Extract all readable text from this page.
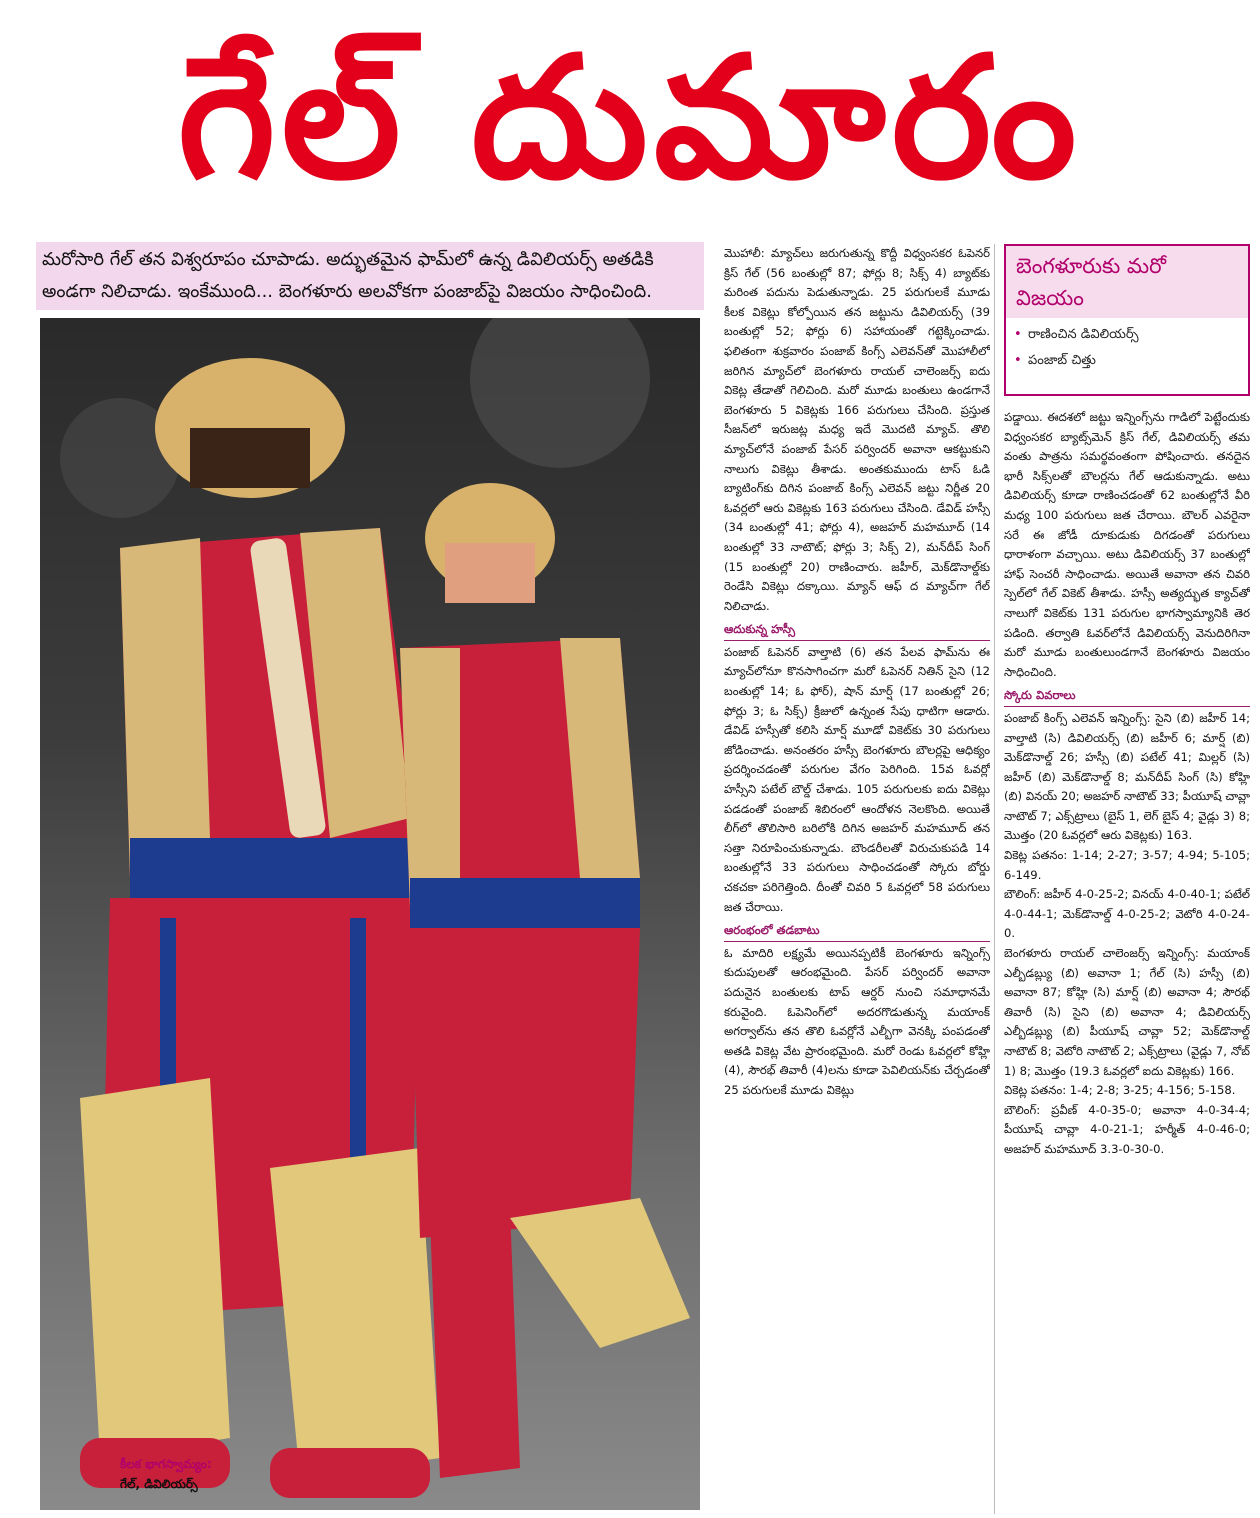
గేల్ దుమారం
మరోసారి గేల్ తన విశ్వరూపం చూపాడు. అద్భుతమైన ఫామ్‌లో ఉన్న డివిలియర్స్ అతడికి అండగా నిలిచాడు. ఇంకేముంది... బెంగళూరు అలవోకగా పంజాబ్‌పై విజయం సాధించింది.
కీలక భాగస్వామ్యం:
గేల్, డివిలియర్స్

మొహాలీ: మ్యాచ్‌లు జరుగుతున్న కొద్దీ విధ్వంసకర ఓపెనర్ క్రిస్ గేల్ (56 బంతుల్లో 87; ఫోర్లు 8; సిక్స్ 4) బ్యాట్‌కు మరింత పదును పెడుతున్నాడు. 25 పరుగులకే మూడు కీలక వికెట్లు కోల్పోయిన తన జట్టును డివిలియర్స్ (39 బంతుల్లో 52; ఫోర్లు 6) సహాయంతో గట్టెక్కించాడు. ఫలితంగా శుక్రవారం పంజాబ్ కింగ్స్ ఎలెవన్‌తో మొహాలీలో జరిగిన మ్యాచ్‌లో బెంగళూరు రాయల్ చాలెంజర్స్ ఐదు వికెట్ల తేడాతో గెలిచింది. మరో మూడు బంతులు ఉండగానే బెంగళూరు 5 వికెట్లకు 166 పరుగులు చేసింది. ప్రస్తుత సీజన్‌లో ఇరుజట్ల మధ్య ఇదే మొదటి మ్యాచ్. తొలి మ్యాచ్‌లోనే పంజాబ్ పేసర్ పర్విందర్ అవానా ఆకట్టుకుని నాలుగు వికెట్లు తీశాడు. అంతకుముందు టాస్ ఓడి బ్యాటింగ్‌కు దిగిన పంజాబ్ కింగ్స్ ఎలెవన్ జట్టు నిర్ణీత 20 ఓవర్లలో ఆరు వికెట్లకు 163 పరుగులు చేసింది. డేవిడ్ హస్సీ (34 బంతుల్లో 41; ఫోర్లు 4), అజహర్ మహమూద్ (14 బంతుల్లో 33 నాటౌట్; ఫోర్లు 3; సిక్స్ 2), మన్‌దీప్ సింగ్ (15 బంతుల్లో 20) రాణించారు. జహీర్, మెక్‌డొనాల్డ్‌కు రెండేసి వికెట్లు దక్కాయి. మ్యాన్ ఆఫ్ ద మ్యాచ్‌గా గేల్ నిలిచాడు.

ఆదుకున్న హస్సీ

పంజాబ్ ఓపెనర్ వాల్తాటి (6) తన పేలవ ఫామ్‌ను ఈ మ్యాచ్‌లోనూ కొనసాగించగా మరో ఓపెనర్ నితిన్ సైని (12 బంతుల్లో 14; ఓ ఫోర్), షాన్ మార్ష్ (17 బంతుల్లో 26; ఫోర్లు 3; ఓ సిక్స్) క్రీజులో ఉన్నంత సేపు ధాటిగా ఆడారు. డేవిడ్ హస్సీతో కలిసి మార్ష్ మూడో వికెట్‌కు 30 పరుగులు జోడించాడు. అనంతరం హస్సీ బెంగళూరు బౌలర్లపై ఆధిక్యం ప్రదర్శించడంతో పరుగుల వేగం పెరిగింది. 15వ ఓవర్లో హస్సీని పటేల్ బౌల్డ్ చేశాడు. 105 పరుగులకు ఐదు వికెట్లు పడడంతో పంజాబ్ శిబిరంలో ఆందోళన నెలకొంది. అయితే లీగ్‌లో తొలిసారి బరిలోకి దిగిన అజహర్ మహమూద్ తన సత్తా నిరూపించుకున్నాడు. బౌండరీలతో విరుచుకుపడి 14 బంతుల్లోనే 33 పరుగులు సాధించడంతో స్కోరు బోర్డు చకచకా పరిగెత్తింది. దీంతో చివరి 5 ఓవర్లలో 58 పరుగులు జత చేరాయి.

ఆరంభంలో తడబాటు

ఓ మాదిరి లక్ష్యమే అయినప్పటికీ బెంగళూరు ఇన్నింగ్స్ కుదుపులతో ఆరంభమైంది. పేసర్ పర్విందర్ అవానా పదునైన బంతులకు టాప్ ఆర్డర్ నుంచి సమాధానమే కరువైంది. ఓపెనింగ్‌లో అదరగొడుతున్న మయాంక్ అగర్వాల్‌ను తన తొలి ఓవర్లోనే ఎల్బీగా వెనక్కి పంపడంతో అతడి వికెట్ల వేట ప్రారంభమైంది. మరో రెండు ఓవర్లలో కోహ్లి (4), సౌరభ్ తివారీ (4)లను కూడా పెవిలియన్‌కు చేర్చడంతో 25 పరుగులకే మూడు వికెట్లు

బెంగళూరుకు మరో విజయం
• రాణించిన డివిలియర్స్
• పంజాబ్ చిత్తు

పడ్డాయి. ఈదశలో జట్టు ఇన్నింగ్స్‌ను గాడిలో పెట్టేందుకు విధ్వంసకర బ్యాట్స్‌మెన్ క్రిస్ గేల్, డివిలియర్స్ తమ వంతు పాత్రను సమర్థవంతంగా పోషించారు. తనదైన భారీ సిక్స్‌లతో బౌలర్లను గేల్ ఆడుకున్నాడు. అటు డివిలియర్స్ కూడా రాణించడంతో 62 బంతుల్లోనే వీరి మధ్య 100 పరుగులు జత చేరాయి. బౌలర్ ఎవరైనా సరే ఈ జోడీ దూకుడుకు దిగడంతో పరుగులు ధారాళంగా వచ్చాయి. అటు డివిలియర్స్ 37 బంతుల్లో హాఫ్ సెంచరీ సాధించాడు. అయితే అవానా తన చివరి స్పెల్‌లో గేల్ వికెట్ తీశాడు. హస్సీ అత్యద్భుత క్యాచ్‌తో నాలుగో వికెట్‌కు 131 పరుగుల భాగస్వామ్యానికి తెర పడింది. తర్వాతి ఓవర్‌లోనే డివిలియర్స్ వెనుదిరిగినా మరో మూడు బంతులుండగానే బెంగళూరు విజయం సాధించింది.

స్కోరు వివరాలు

పంజాబ్ కింగ్స్ ఎలెవన్ ఇన్నింగ్స్: సైని (బి) జహీర్ 14; వాల్తాటి (సి) డివిలియర్స్ (బి) జహీర్ 6; మార్ష్ (బి) మెక్‌డొనాల్డ్ 26; హస్సీ (బి) పటేల్ 41; మిల్లర్ (సి) జహీర్ (బి) మెక్‌డొనాల్డ్ 8; మన్‌దీప్ సింగ్ (సి) కోహ్లి (బి) వినయ్ 20; అజహర్ నాటౌట్ 33; పీయూష్ చావ్లా నాటౌట్ 7; ఎక్స్‌ట్రాలు (బైస్ 1, లెగ్ బైస్ 4; వైడ్లు 3) 8; మొత్తం (20 ఓవర్లలో ఆరు వికెట్లకు) 163.

వికెట్ల పతనం: 1-14; 2-27; 3-57; 4-94; 5-105; 6-149.

బౌలింగ్: జహీర్ 4-0-25-2; వినయ్ 4-0-40-1; పటేల్ 4-0-44-1; మెక్‌డొనాల్డ్ 4-0-25-2; వెటోరి 4-0-24-0.

బెంగళూరు రాయల్ చాలెంజర్స్ ఇన్నింగ్స్: మయాంక్ ఎల్బీడబ్ల్యు (బి) అవానా 1; గేల్ (సి) హస్సీ (బి) అవానా 87; కోహ్లి (సి) మార్ష్ (బి) అవానా 4; సౌరభ్ తివారీ (సి) సైని (బి) అవానా 4; డివిలియర్స్ ఎల్బీడబ్ల్యు (బి) పీయూష్ చావ్లా 52; మెక్‌డొనాల్డ్ నాటౌట్ 8; వెటోరి నాటౌట్ 2; ఎక్స్‌ట్రాలు (వైడ్లు 7, నోబ్ 1) 8; మొత్తం (19.3 ఓవర్లలో ఐదు వికెట్లకు) 166.

వికెట్ల పతనం: 1-4; 2-8; 3-25; 4-156; 5-158.

బౌలింగ్: ప్రవీణ్ 4-0-35-0; అవానా 4-0-34-4; పీయూష్ చావ్లా 4-0-21-1; హర్మీత్ 4-0-46-0; అజహర్ మహమూద్ 3.3-0-30-0.
